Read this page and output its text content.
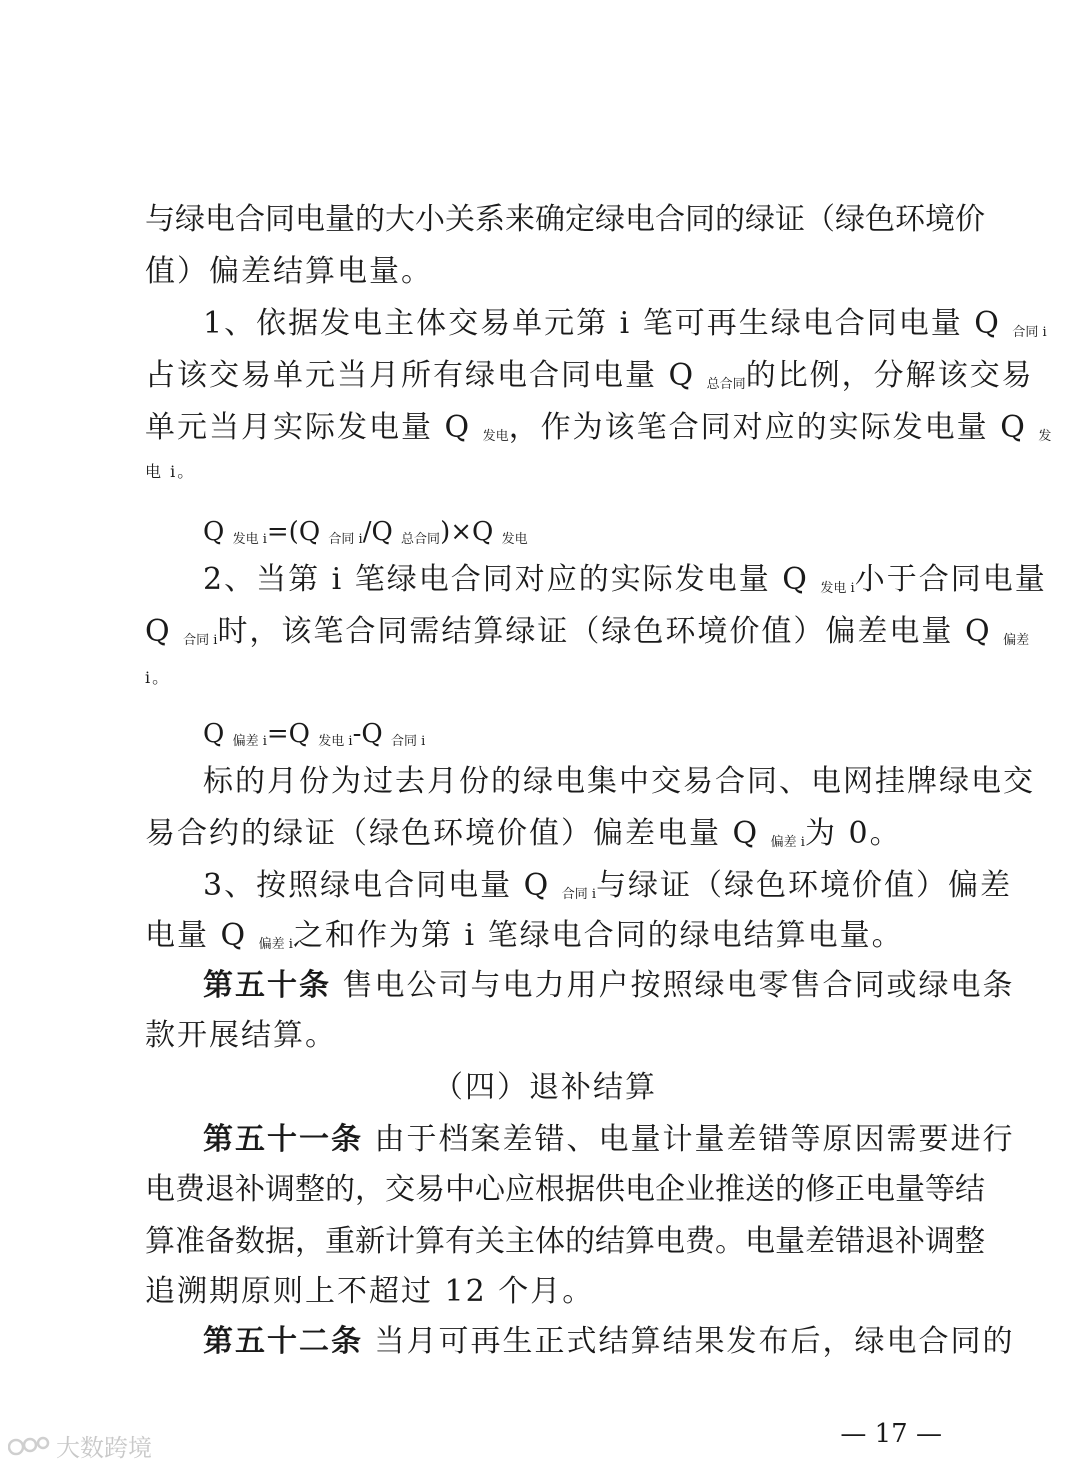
与绿电合同电量的大小关系来确定绿电合同的绿证（绿色环境价
值）偏差结算电量。
1、依据发电主体交易单元第 i 笔可再生绿电合同电量 Q $_{合同 i}$
占该交易单元当月所有绿电合同电量 Q $_{总合同}$的比例，分解该交易
单元当月实际发电量 Q $_{发电}$，作为该笔合同对应的实际发电量 Q $_发$
电 i。
Q $_{发电 i}$=(Q $_{合同 i}$/Q $_{总合同}$)×Q $_{发电}$
2、当第 i 笔绿电合同对应的实际发电量 Q $_{发电 i}$小于合同电量
Q $_{合同 i}$时，该笔合同需结算绿证（绿色环境价值）偏差电量 Q $_{偏差}$
i。
Q $_{偏差 i}$=Q $_{发电 i}$-Q $_{合同 i}$
标的月份为过去月份的绿电集中交易合同、电网挂牌绿电交
易合约的绿证（绿色环境价值）偏差电量 Q $_{偏差 i}$为 0。
3、按照绿电合同电量 Q $_{合同 i}$与绿证（绿色环境价值）偏差
电量 Q $_{偏差 i}$之和作为第 i 笔绿电合同的绿电结算电量。
第五十条 售电公司与电力用户按照绿电零售合同或绿电条
款开展结算。
（四）退补结算
第五十一条 由于档案差错、电量计量差错等原因需要进行
电费退补调整的，交易中心应根据供电企业推送的修正电量等结
算准备数据，重新计算有关主体的结算电费。电量差错退补调整
追溯期原则上不超过 12 个月。
第五十二条 当月可再生正式结算结果发布后，绿电合同的
— 17 —
大数跨境
